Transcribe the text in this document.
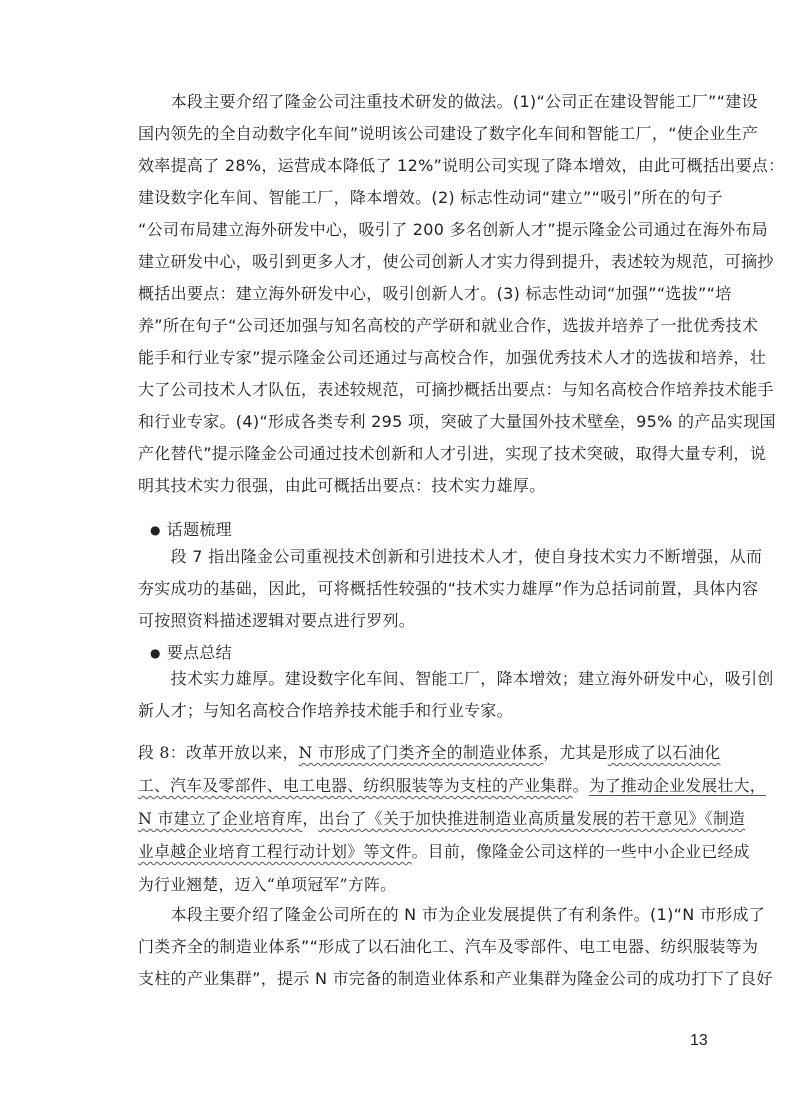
　　本段主要介绍了隆金公司注重技术研发的做法。(1)“公司正在建设智能工厂”“建设
国内领先的全自动数字化车间”说明该公司建设了数字化车间和智能工厂，“使企业生产
效率提高了 28%，运营成本降低了 12%”说明公司实现了降本增效，由此可概括出要点：
建设数字化车间、智能工厂，降本增效。(2) 标志性动词“建立”“吸引”所在的句子
“公司布局建立海外研发中心，吸引了 200 多名创新人才”提示隆金公司通过在海外布局
建立研发中心，吸引到更多人才，使公司创新人才实力得到提升，表述较为规范，可摘抄
概括出要点：建立海外研发中心，吸引创新人才。(3) 标志性动词“加强”“选拔”“培
养”所在句子“公司还加强与知名高校的产学研和就业合作，选拔并培养了一批优秀技术
能手和行业专家”提示隆金公司还通过与高校合作，加强优秀技术人才的选拔和培养，壮
大了公司技术人才队伍，表述较规范，可摘抄概括出要点：与知名高校合作培养技术能手
和行业专家。(4)“形成各类专利 295 项，突破了大量国外技术壁垒，95% 的产品实现国
产化替代”提示隆金公司通过技术创新和人才引进，实现了技术突破，取得大量专利，说
明其技术实力很强，由此可概括出要点：技术实力雄厚。
● 话题梳理
　　段 7 指出隆金公司重视技术创新和引进技术人才，使自身技术实力不断增强，从而
夯实成功的基础，因此，可将概括性较强的“技术实力雄厚”作为总括词前置，具体内容
可按照资料描述逻辑对要点进行罗列。
● 要点总结
　　技术实力雄厚。建设数字化车间、智能工厂，降本增效；建立海外研发中心，吸引创
新人才；与知名高校合作培养技术能手和行业专家。
段 8：改革开放以来，N 市形成了门类齐全的制造业体系，尤其是形成了以石油化
工、汽车及零部件、电工电器、纺织服装等为支柱的产业集群。为了推动企业发展壮大，
N 市建立了企业培育库，出台了《关于加快推进制造业高质量发展的若干意见》《制造
业卓越企业培育工程行动计划》等文件。目前，像隆金公司这样的一些中小企业已经成
为行业翘楚，迈入“单项冠军”方阵。
　　本段主要介绍了隆金公司所在的 N 市为企业发展提供了有利条件。(1)“N 市形成了
门类齐全的制造业体系”“形成了以石油化工、汽车及零部件、电工电器、纺织服装等为
支柱的产业集群”，提示 N 市完备的制造业体系和产业集群为隆金公司的成功打下了良好
13
